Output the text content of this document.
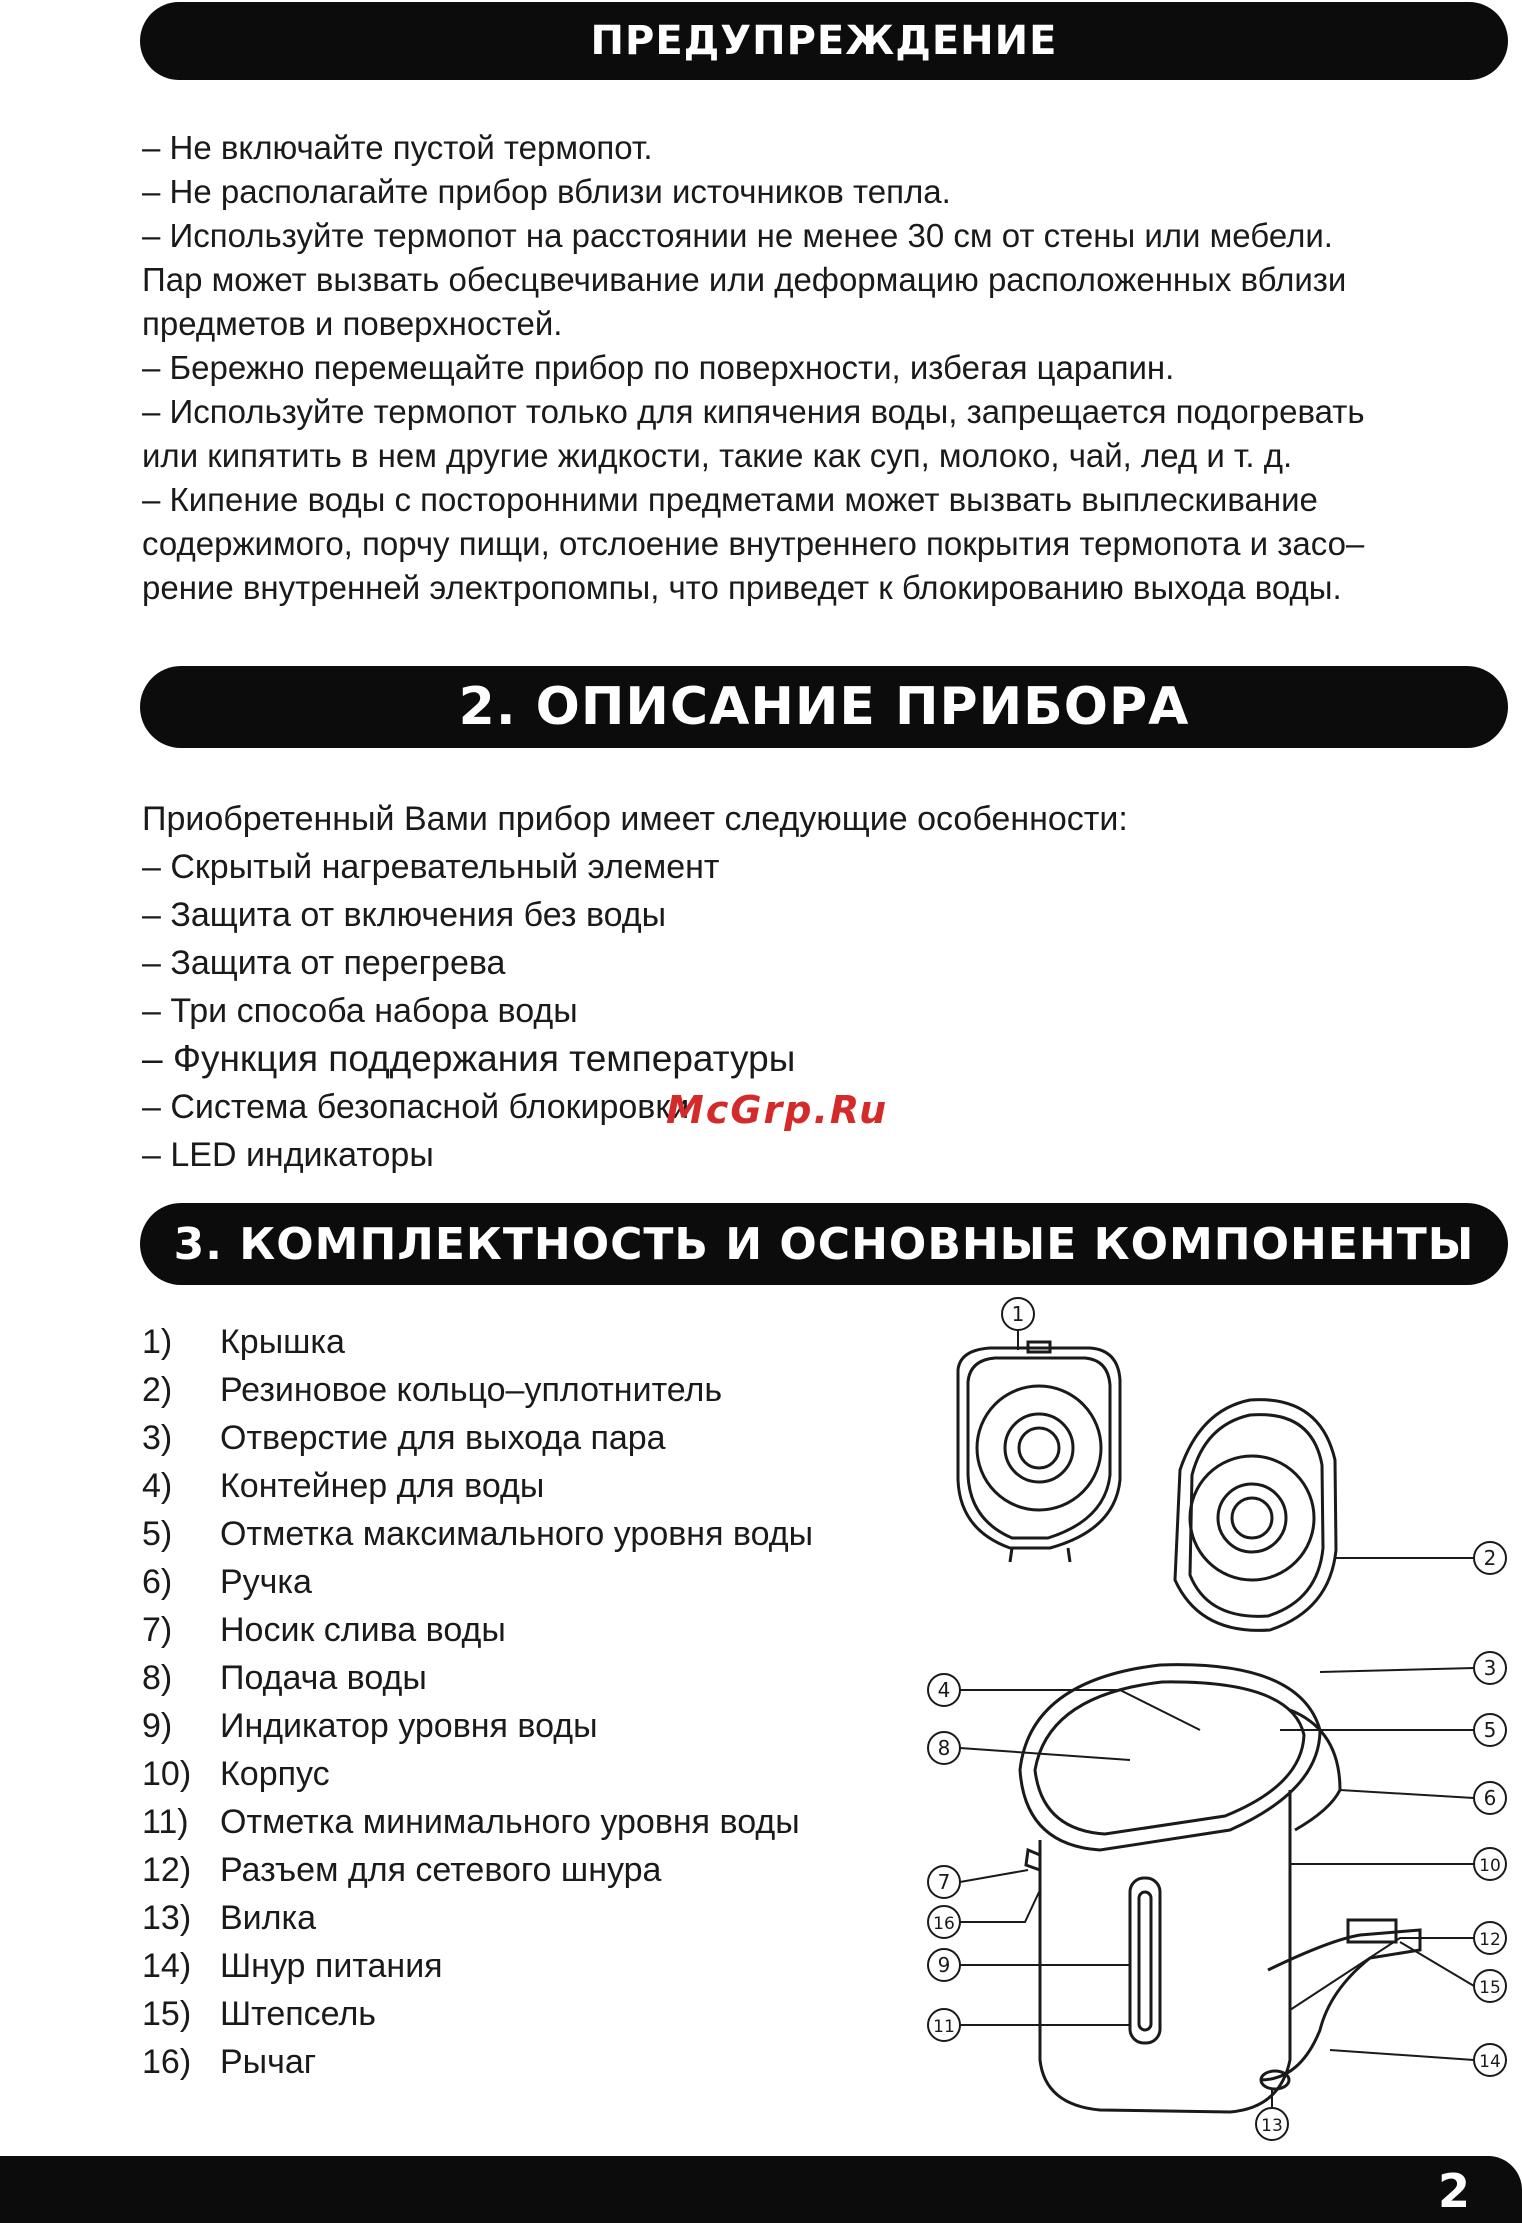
ПРЕДУПРЕЖДЕНИЕ

– Не включайте пустой термопот.
– Не располагайте прибор вблизи источников тепла.
– Используйте термопот на расстоянии не менее 30 см от стены или мебели.
Пар может вызвать обесцвечивание или деформацию расположенных вблизи
предметов и поверхностей.
– Бережно перемещайте прибор по поверхности, избегая царапин.
– Используйте термопот только для кипячения воды, запрещается подогревать
или кипятить в нем другие жидкости, такие как суп, молоко, чай, лед и т. д.
– Кипение воды с посторонними предметами может вызвать выплескивание
содержимого, порчу пищи, отслоение внутреннего покрытия термопота и засо–
рение внутренней электропомпы, что приведет к блокированию выхода воды.

2. ОПИСАНИЕ ПРИБОРА

Приобретенный Вами прибор имеет следующие особенности:
– Скрытый нагревательный элемент
– Защита от включения без воды
– Защита от перегрева
– Три способа набора воды
– Функция поддержания температуры
– Система безопасной блокировки
– LED индикаторы

McGrp.Ru
3. КОМПЛЕКТНОСТЬ И ОСНОВНЫЕ КОМПОНЕНТЫ
1)	Крышка
2)	Резиновое кольцо–уплотнитель
3)	Отверстие для выхода пара
4)	Контейнер для воды
5)	Отметка максимального уровня воды
6)	Ручка
7)	Носик слива воды
8)	Подача воды
9)	Индикатор уровня воды
10) Корпус
11) Отметка минимального уровня воды
12) Разъем для сетевого шнура
13) Вилка
14) Шнур питания
15) Штепсель
16) Рычаг
1
2
3
4
5
6
7
8
9
10
11
12
13
14
15
16
2
